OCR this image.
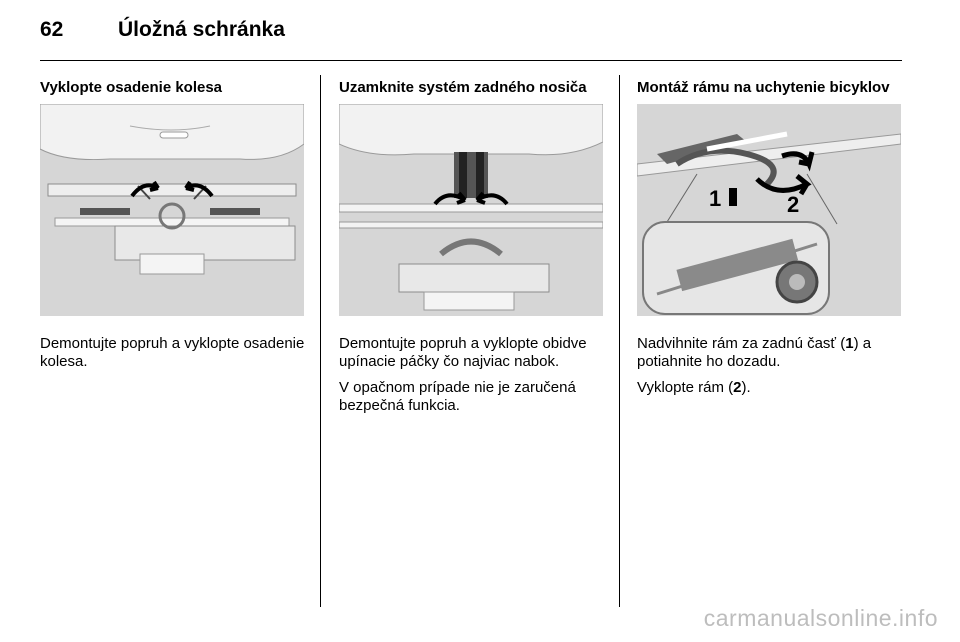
62	Úložná schránka
Vyklopte osadenie kolesa

Demontujte popruh a vyklopte osadenie kolesa.

Uzamknite systém zadného nosiča

Demontujte popruh a vyklopte obidve upínacie páčky čo najviac nabok.

V opačnom prípade nie je zaručená bezpečná funkcia.

Montáž rámu na uchytenie bicyklov
1	2

Nadvihnite rám za zadnú časť (1) a potiahnite ho dozadu.

Vyklopte rám (2).

carmanualsonline.info
